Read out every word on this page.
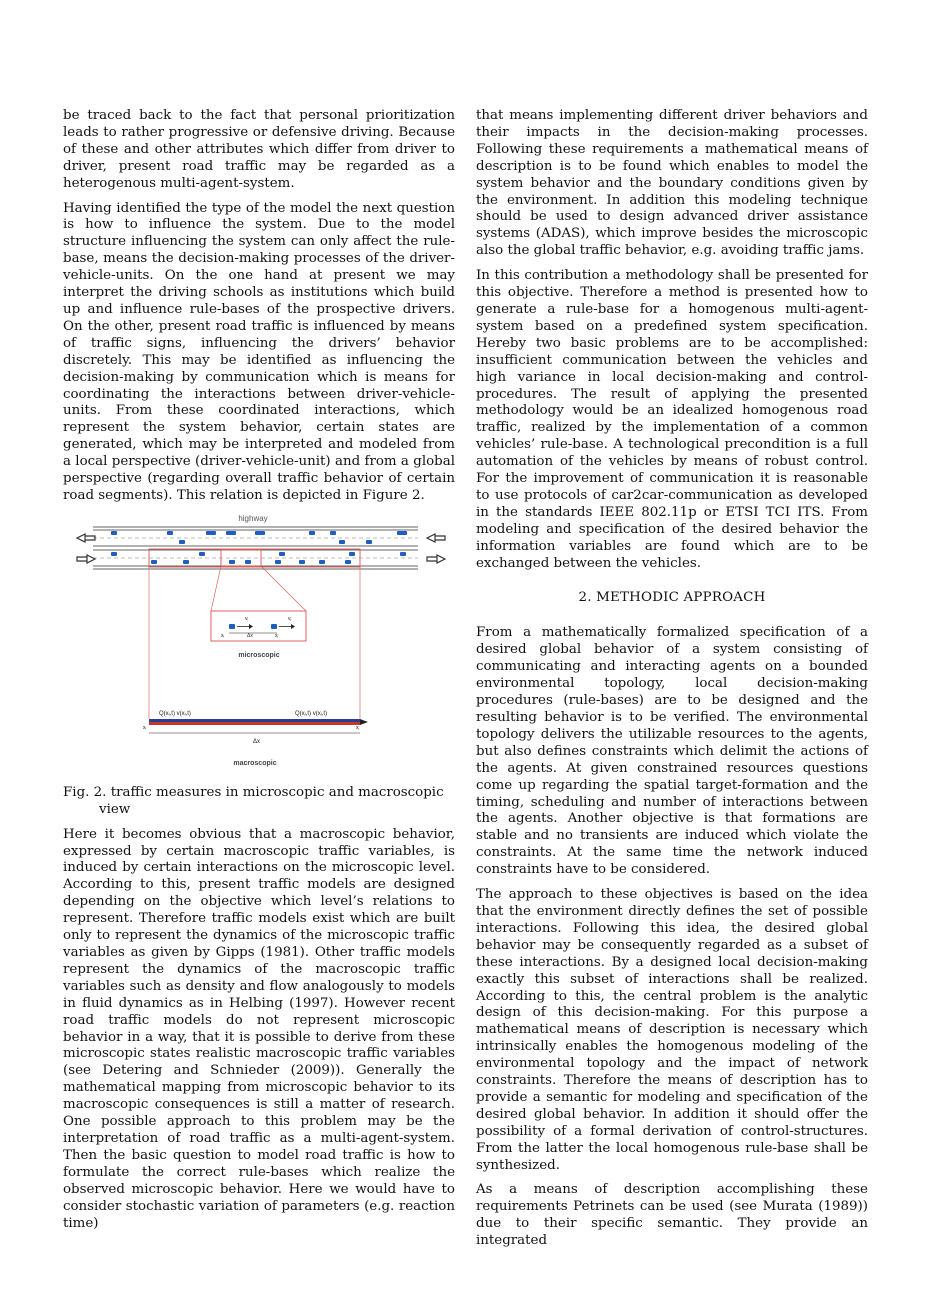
be traced back to the fact that personal prioritization leads to rather progressive or defensive driving. Because of these and other attributes which differ from driver to driver, present road traffic may be regarded as a heterogenous multi-agent-system.

Having identified the type of the model the next question is how to influence the system. Due to the model structure influencing the system can only affect the rule-base, means the decision-making processes of the driver-vehicle-units. On the one hand at present we may interpret the driving schools as institutions which build up and influence rule-bases of the prospective drivers. On the other, present road traffic is influenced by means of traffic signs, influencing the drivers’ behavior discretely. This may be identified as influencing the decision-making by communication which is means for coordinating the interactions between driver-vehicle-units. From these coordinated interactions, which represent the system behavior, certain states are generated, which may be interpreted and modeled from a local perspective (driver-vehicle-unit) and from a global perspective (regarding overall traffic behavior of certain road segments). This relation is depicted in Figure 2.

highway
vᵢ	vⱼ
xᵢ	Δx	xⱼ
microscopic
Q(xᵢ,t) v(xᵢ,t)	Q(xⱼ,t) v(xⱼ,t)
xᵢ	xⱼ
Δx
macroscopic
Fig. 2. traffic measures in microscopic and macroscopic
view

Here it becomes obvious that a macroscopic behavior, expressed by certain macroscopic traffic variables, is induced by certain interactions on the microscopic level. According to this, present traffic models are designed depending on the objective which level’s relations to represent. Therefore traffic models exist which are built only to represent the dynamics of the microscopic traffic variables as given by Gipps (1981). Other traffic models represent the dynamics of the macroscopic traffic variables such as density and flow analogously to models in fluid dynamics as in Helbing (1997). However recent road traffic models do not represent microscopic behavior in a way, that it is possible to derive from these microscopic states realistic macroscopic traffic variables (see Detering and Schnieder (2009)). Generally the mathematical mapping from microscopic behavior to its macroscopic consequences is still a matter of research. One possible approach to this problem may be the interpretation of road traffic as a multi-agent-system. Then the basic question to model road traffic is how to formulate the correct rule-bases which realize the observed microscopic behavior. Here we would have to consider stochastic variation of parameters (e.g. reaction time)

that means implementing different driver behaviors and their impacts in the decision-making processes. Following these requirements a mathematical means of description is to be found which enables to model the system behavior and the boundary conditions given by the environment. In addition this modeling technique should be used to design advanced driver assistance systems (ADAS), which improve besides the microscopic also the global traffic behavior, e.g. avoiding traffic jams.

In this contribution a methodology shall be presented for this objective. Therefore a method is presented how to generate a rule-base for a homogenous multi-agent-system based on a predefined system specification. Hereby two basic problems are to be accomplished: insufficient communication between the vehicles and high variance in local decision-making and control-procedures. The result of applying the presented methodology would be an idealized homogenous road traffic, realized by the implementation of a common vehicles’ rule-base. A technological precondition is a full automation of the vehicles by means of robust control. For the improvement of communication it is reasonable to use protocols of car2car-communication as developed in the standards IEEE 802.11p or ETSI TCI ITS. From modeling and specification of the desired behavior the information variables are found which are to be exchanged between the vehicles.

2. METHODIC APPROACH

From a mathematically formalized specification of a desired global behavior of a system consisting of communicating and interacting agents on a bounded environmental topology, local decision-making procedures (rule-bases) are to be designed and the resulting behavior is to be verified. The environmental topology delivers the utilizable resources to the agents, but also defines constraints which delimit the actions of the agents. At given constrained resources questions come up regarding the spatial target-formation and the timing, scheduling and number of interactions between the agents. Another objective is that formations are stable and no transients are induced which violate the constraints. At the same time the network induced constraints have to be considered.

The approach to these objectives is based on the idea that the environment directly defines the set of possible interactions. Following this idea, the desired global behavior may be consequently regarded as a subset of these interactions. By a designed local decision-making exactly this subset of interactions shall be realized. According to this, the central problem is the analytic design of this decision-making. For this purpose a mathematical means of description is necessary which intrinsically enables the homogenous modeling of the environmental topology and the impact of network constraints. Therefore the means of description has to provide a semantic for modeling and specification of the desired global behavior. In addition it should offer the possibility of a formal derivation of control-structures. From the latter the local homogenous rule-base shall be synthesized.

As a means of description accomplishing these requirements Petrinets can be used (see Murata (1989)) due to their specific semantic. They provide an integrated
